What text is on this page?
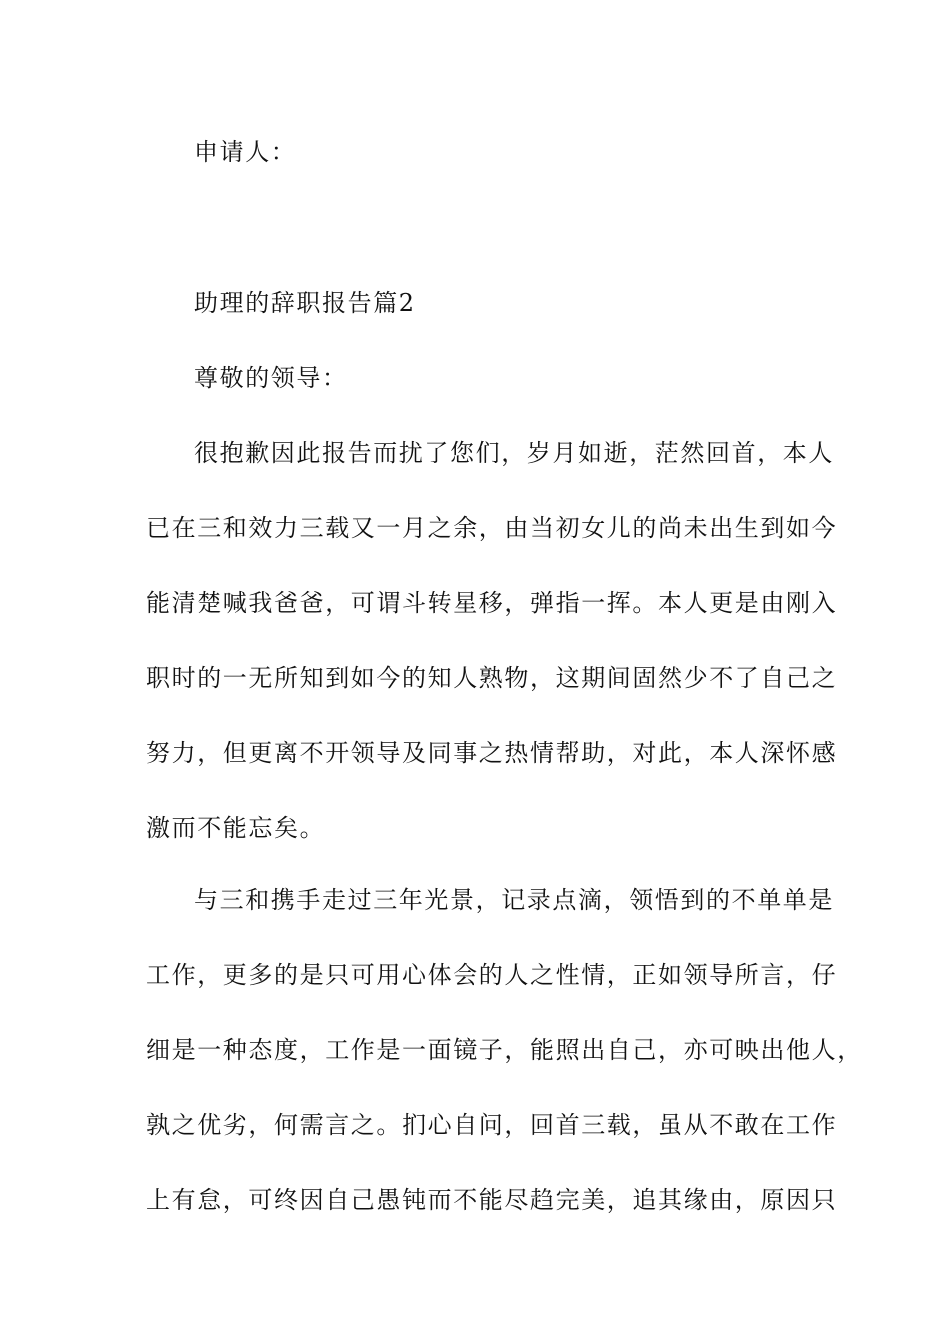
申请人：
助理的辞职报告篇2
尊敬的领导：
很抱歉因此报告而扰了您们，岁月如逝，茫然回首，本人
已在三和效力三载又一月之余，由当初女儿的尚未出生到如今
能清楚喊我爸爸，可谓斗转星移，弹指一挥。本人更是由刚入
职时的一无所知到如今的知人熟物，这期间固然少不了自己之
努力，但更离不开领导及同事之热情帮助，对此，本人深怀感
激而不能忘矣。
与三和携手走过三年光景，记录点滴，领悟到的不单单是
工作，更多的是只可用心体会的人之性情，正如领导所言，仔
细是一种态度，工作是一面镜子，能照出自己，亦可映出他人，
孰之优劣，何需言之。扪心自问，回首三载，虽从不敢在工作
上有怠，可终因自己愚钝而不能尽趋完美，追其缘由，原因只
